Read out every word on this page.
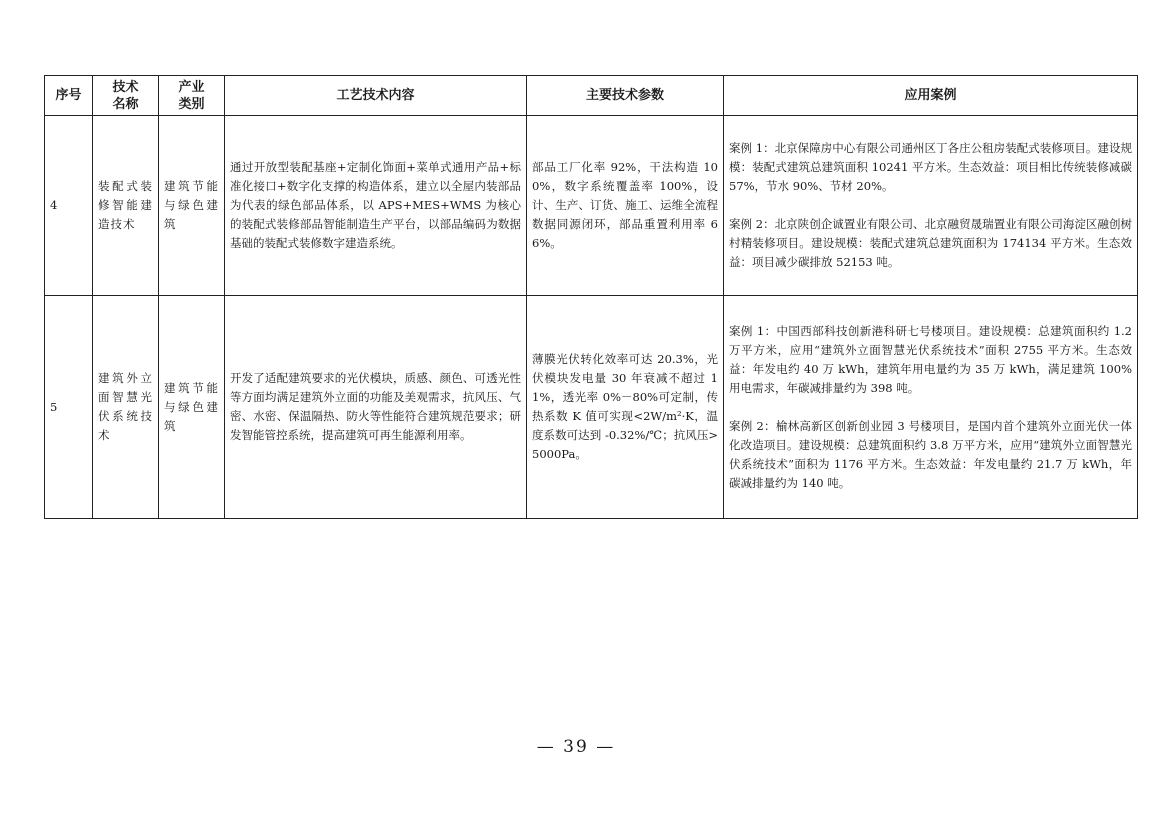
序号	技术名称	产业类别	工艺技术内容	主要技术参数	应用案例
4	装配式装修智能建造技术	建筑节能与绿色建筑	通过开放型装配基座+定制化饰面+菜单式通用产品+标准化接口+数字化支撑的构造体系，建立以全屋内装部品为代表的绿色部品体系，以 APS+MES+WMS 为核心的装配式装修部品智能制造生产平台，以部品编码为数据基础的装配式装修数字建造系统。	部品工厂化率 92%，干法构造 100%，数字系统覆盖率 100%，设计、生产、订货、施工、运维全流程数据同源闭环，部品重置利用率 66%。	案例 1：北京保障房中心有限公司通州区丁各庄公租房装配式装修项目。建设规模：装配式建筑总建筑面积 10241 平方米。生态效益：项目相比传统装修减碳 57%，节水 90%、节材 20%。
案例 2：北京陕创企诚置业有限公司、北京融贸晟瑞置业有限公司海淀区融创树村精装修项目。建设规模：装配式建筑总建筑面积为 174134 平方米。生态效益：项目减少碳排放 52153 吨。

5	建筑外立面智慧光伏系统技术	建筑节能与绿色建筑	开发了适配建筑要求的光伏模块，质感、颜色、可透光性等方面均满足建筑外立面的功能及美观需求，抗风压、气密、水密、保温隔热、防火等性能符合建筑规范要求；研发智能管控系统，提高建筑可再生能源利用率。	薄膜光伏转化效率可达 20.3%，光伏模块发电量 30 年衰减不超过 11%，透光率 0%－80%可定制，传热系数 K 值可实现<2W/m²·K，温度系数可达到 -0.32%/℃；抗风压>5000Pa。	案例 1：中国西部科技创新港科研七号楼项目。建设规模：总建筑面积约 1.2 万平方米，应用“建筑外立面智慧光伏系统技术”面积 2755 平方米。生态效益：年发电约 40 万 kWh，建筑年用电量约为 35 万 kWh，满足建筑 100%用电需求，年碳减排量约为 398 吨。
案例 2：榆林高新区创新创业园 3 号楼项目，是国内首个建筑外立面光伏一体化改造项目。建设规模：总建筑面积约 3.8 万平方米，应用“建筑外立面智慧光伏系统技术”面积为 1176 平方米。生态效益：年发电量约 21.7 万 kWh，年碳减排量约为 140 吨。
— 39 —
